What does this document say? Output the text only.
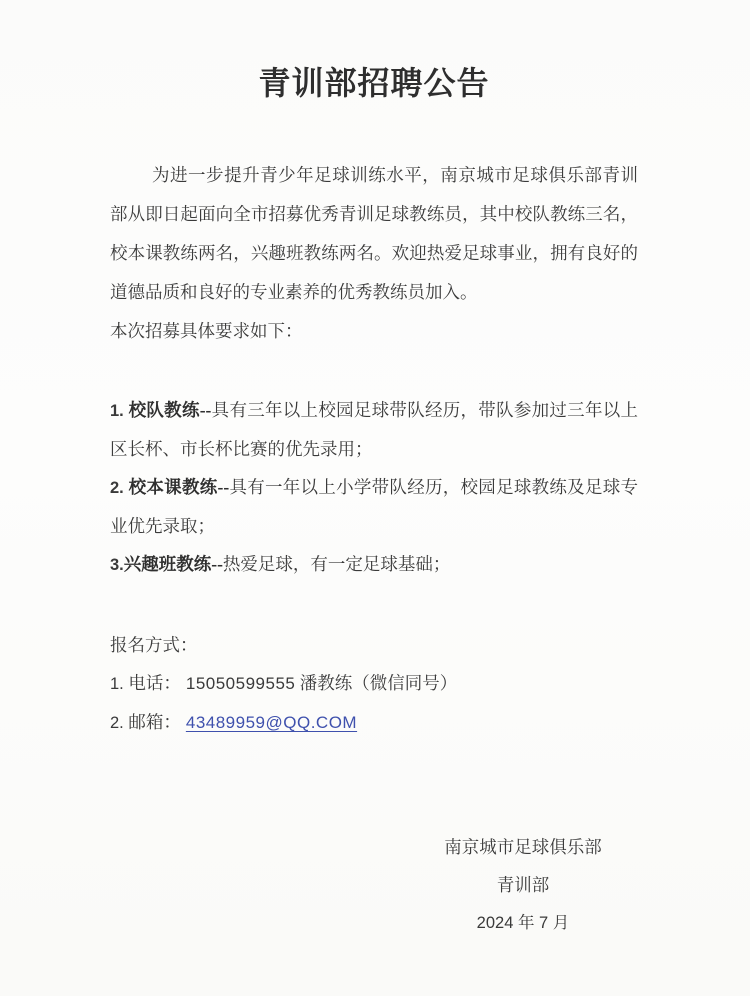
青训部招聘公告

为进一步提升青少年足球训练水平，南京城市足球俱乐部青训部从即日起面向全市招募优秀青训足球教练员，其中校队教练三名，校本课教练两名，兴趣班教练两名。欢迎热爱足球事业，拥有良好的道德品质和良好的专业素养的优秀教练员加入。

本次招募具体要求如下：

1. 校队教练--具有三年以上校园足球带队经历，带队参加过三年以上区长杯、市长杯比赛的优先录用；

2. 校本课教练--具有一年以上小学带队经历，校园足球教练及足球专业优先录取；

3.兴趣班教练--热爱足球，有一定足球基础；

报名方式：

1. 电话： 15050599555 潘教练（微信同号）

2. 邮箱： 43489959@QQ.COM

南京城市足球俱乐部

青训部

2024 年 7 月
